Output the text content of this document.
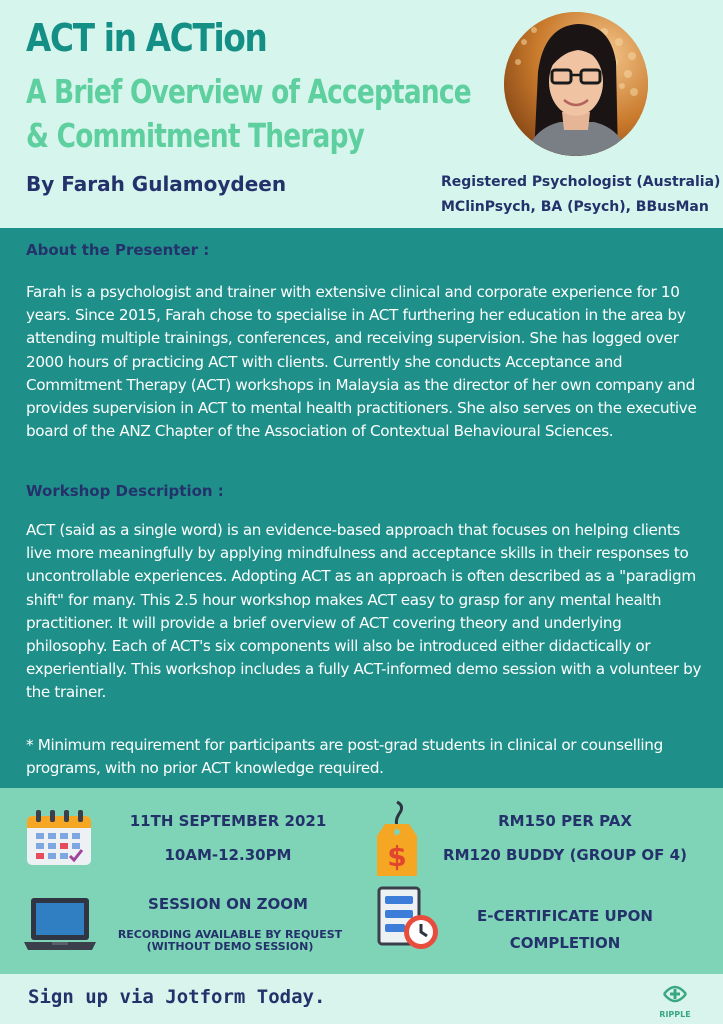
ACT in ACTion
A Brief Overview of Acceptance
& Commitment Therapy
By Farah Gulamoydeen	Registered Psychologist (Australia)
MClinPsych, BA (Psych), BBusMan
About the Presenter :
Farah is a psychologist and trainer with extensive clinical and corporate experience for 10 years. Since 2015, Farah chose to specialise in ACT furthering her education in the area by attending multiple trainings, conferences, and receiving supervision. She has logged over 2000 hours of practicing ACT with clients. Currently she conducts Acceptance and Commitment Therapy (ACT) workshops in Malaysia as the director of her own company and provides supervision in ACT to mental health practitioners. She also serves on the executive board of the ANZ Chapter of the Association of Contextual Behavioural Sciences.
Workshop Description :
ACT (said as a single word) is an evidence-based approach that focuses on helping clients live more meaningfully by applying mindfulness and acceptance skills in their responses to uncontrollable experiences. Adopting ACT as an approach is often described as a "paradigm shift" for many. This 2.5 hour workshop makes ACT easy to grasp for any mental health practitioner. It will provide a brief overview of ACT covering theory and underlying philosophy. Each of ACT's six components will also be introduced either didactically or experientially. This workshop includes a fully ACT-informed demo session with a volunteer by the trainer.
* Minimum requirement for participants are post-grad students in clinical or counselling programs, with no prior ACT knowledge required.
11TH SEPTEMBER 2021
10AM-12.30PM	$
RM150 PER PAX
RM120 BUDDY (GROUP OF 4)
SESSION ON ZOOM
RECORDING AVAILABLE BY REQUEST
(WITHOUT DEMO SESSION)
E-CERTIFICATE UPON
COMPLETION
Sign up via Jotform Today.
RIPPLE
